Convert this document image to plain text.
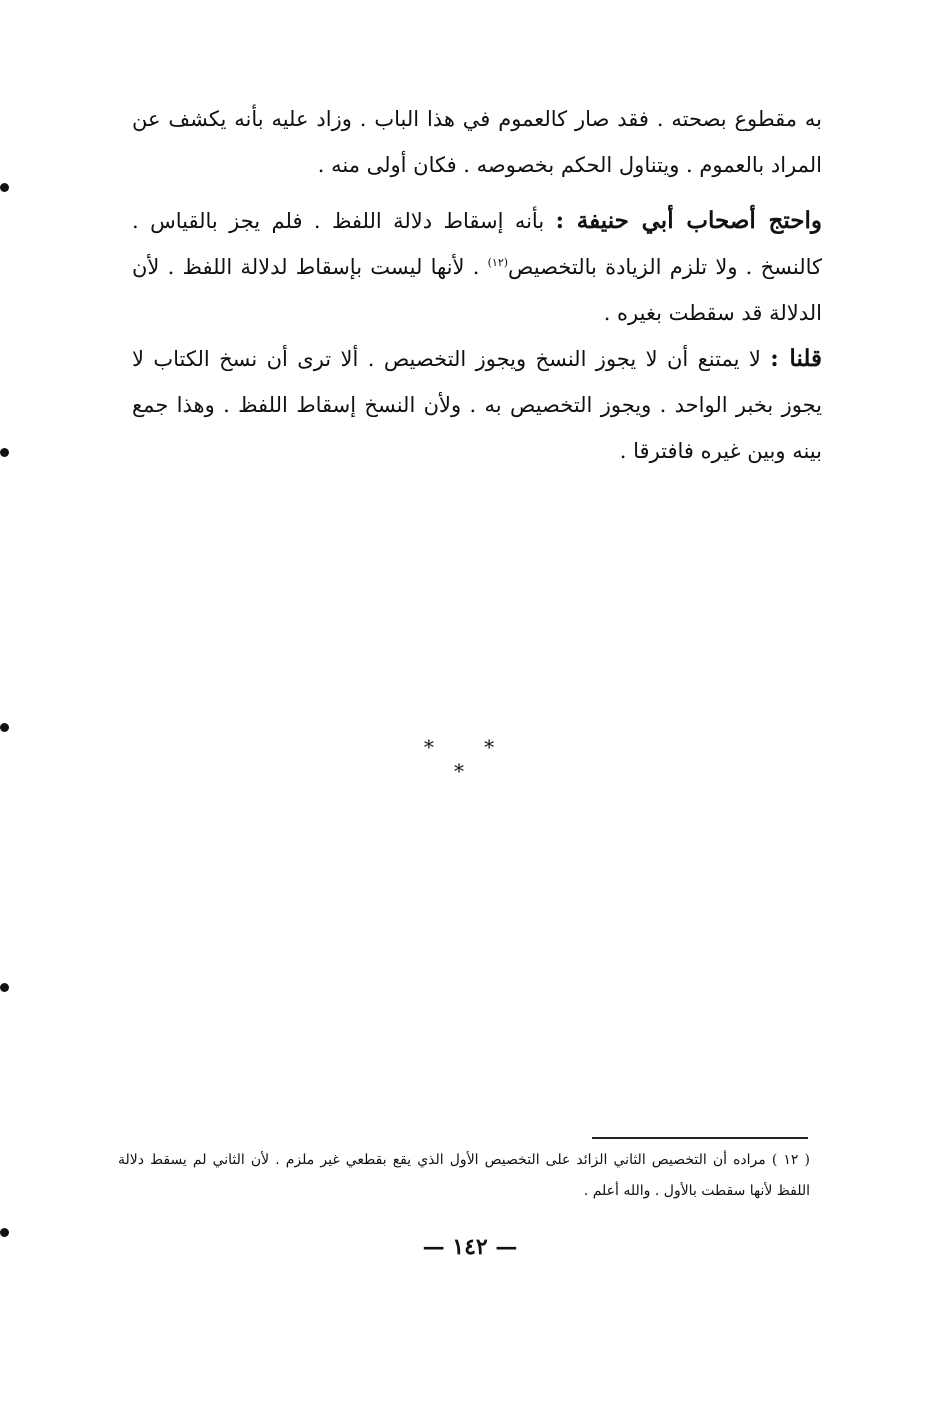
به مقطوع بصحته . فقد صار كالعموم في هذا الباب . وزاد عليه بأنه يكشف عن المراد بالعموم . ويتناول الحكم بخصوصه . فكان أولى منه .

واحتج أصحاب أبي حنيفة : بأنه إسقاط دلالة اللفظ . فلم يجز بالقياس . كالنسخ . ولا تلزم الزيادة بالتخصيص$^{(١٢)}$ . لأنها ليست بإسقاط لدلالة اللفظ . لأن الدلالة قد سقطت بغيره .

قلنا : لا يمتنع أن لا يجوز النسخ ويجوز التخصيص . ألا ترى أن نسخ الكتاب لا يجوز بخبر الواحد . ويجوز التخصيص به . ولأن النسخ إسقاط اللفظ . وهذا جمع بينه وبين غيره فافترقا .

* * *

( ١٢ ) مراده أن التخصيص الثاني الزائد على التخصيص الأول الذي يقع بقطعي غير ملزم . لأن الثاني لم يسقط دلالة اللفظ لأنها سقطت بالأول . والله أعلم .

— ١٤٢ —
